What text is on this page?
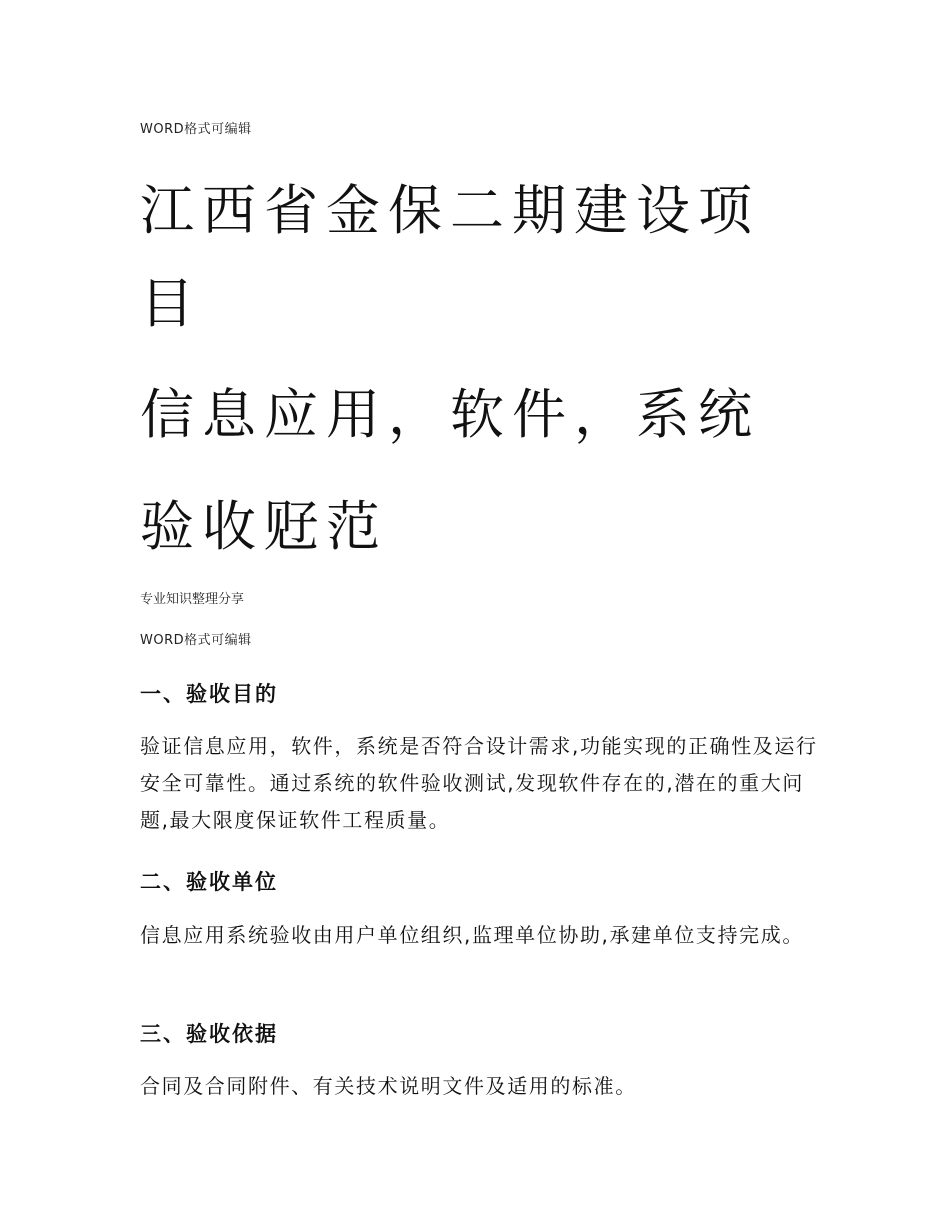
WORD格式可编辑
江西省金保二期建设项
目
信息应用，软件，系统
验收觃范
专业知识整理分享
WORD格式可编辑
一、验收目的
验证信息应用，软件，系统是否符合设计需求,功能实现的正确性及运行安全可靠性。通过系统的软件验收测试,发现软件存在的,潜在的重大问题,最大限度保证软件工程质量。
二、验收单位
信息应用系统验收由用户单位组织,监理单位协助,承建单位支持完成。
三、验收依据
合同及合同附件、有关技术说明文件及适用的标准。
